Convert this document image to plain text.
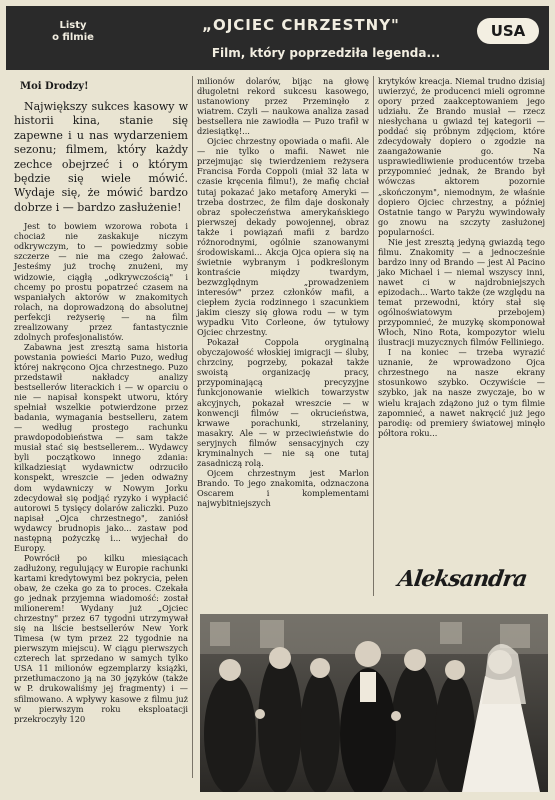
Listy
o filmie
„OJCIEC CHRZESTNY"
Film, który poprzedziła legenda...
USA

Moi Drodzy!

Największy sukces kasowy w historii kina, stanie się zapewne i u nas wydarzeniem sezonu; filmem, który każdy zechce obejrzeć i o którym będzie się wiele mówić. Wydaje się, że mówić bardzo dobrze i — bardzo zasłużenie!

Jest to bowiem wzorowa robota i chociaż nie zaskakuje niczym odkrywczym, to — powiedzmy sobie szczerze — nie ma czego żałować. Jesteśmy już trochę znużeni, my widzowie, ciągłą „odkrywczością" i chcemy po prostu popatrzeć czasem na wspaniałych aktorów w znakomitych rolach, na doprowadzoną do absolutnej perfekcji reżyserię — na film zrealizowany przez fantastycznie zdolnych profesjonalistów.

Zabawna jest zresztą sama historia powstania powieści Mario Puzo, według której nakręcono Ojca chrzestnego. Puzo przedstawił nakładcy analizy bestsellerów literackich i — w oparciu o nie — napisał konspekt utworu, który spełniał wszelkie potwierdzone przez badania, wymagania bestselleru, zatem — według prostego rachunku prawdopodobieństwa — sam także musiał stać się bestsellerem... Wydawcy byli początkowo innego zdania: kilkadziesiąt wydawnictw odrzuciło konspekt, wreszcie — jeden odważny dom wydawniczy w Nowym Jorku zdecydował się podjąć ryzyko i wypłacić autorowi 5 tysięcy dolarów zaliczki. Puzo napisał „Ojca chrzestnego", zaniósł wydawcy brudnopis jako... zastaw pod następną pożyczkę i... wyjechał do Europy.

Powrócił po kilku miesiącach zadłużony, regulujący w Europie rachunki kartami kredytowymi bez pokrycia, pełen obaw, że czeka go za to proces. Czekała go jednak przyjemna wiadomość: został milionerem! Wydany już „Ojciec chrzestny" przez 67 tygodni utrzymywał się na liście bestsellerów New York Timesa (w tym przez 22 tygodnie na pierwszym miejscu). W ciągu pierwszych czterech lat sprzedano w samych tylko USA 11 milionów egzemplarzy książki, przetłumaczono ją na 30 języków (także w P. drukowaliśmy jej fragmenty) i — sfilmowano. A wpływy kasowe z filmu już w pierwszym roku eksploatacji przekroczyły 120

milionów dolarów, bijąc na głowę długoletni rekord sukcesu kasowego, ustanowiony przez Przeminęło z wiatrem. Czyli — naukowa analiza zasad bestsellera nie zawiodła — Puzo trafił w dziesiątkę!...

Ojciec chrzestny opowiada o mafii. Ale — nie tylko o mafii. Nawet nie przejmując się twierdzeniem reżysera Francisa Forda Coppoli (miał 32 lata w czasie kręcenia filmu!), że mafię chciał tutaj pokazać jako metaforę Ameryki — trzeba dostrzec, że film daje doskonały obraz społeczeństwa amerykańskiego pierwszej dekady powojennej, obraz także i powiązań mafii z bardzo różnorodnymi, ogólnie szanowanymi środowiskami... Akcja Ojca opiera się na świetnie wybranym i podkreślonym kontraście między twardym, bezwzględnym „prowadzeniem interesów" przez członków mafii, a ciepłem życia rodzinnego i szacunkiem jakim cieszy się głowa rodu — w tym wypadku Vito Corleone, ów tytułowy Ojciec chrzestny.

Pokazał Coppola oryginalną obyczajowość włoskiej imigracji — śluby, chrzciny, pogrzeby, pokazał także swoistą organizację pracy, przypominającą precyzyjne funkcjonowanie wielkich towarzystw akcyjnych, pokazał wreszcie — w konwencji filmów — okrucieństwa, krwawe porachunki, strzelaniny, masakry. Ale — w przeciwieństwie do seryjnych filmów sensacyjnych czy kryminalnych — nie są one tutaj zasadniczą rolą.

Ojcem chrzestnym jest Marlon Brando. To jego znakomita, odznaczona Oscarem i komplementami najwybitniejszych

krytyków kreacja. Niemal trudno dzisiaj uwierzyć, że producenci mieli ogromne opory przed zaakceptowaniem jego udziału. Że Brando musiał — rzecz niesłychana u gwiazd tej kategorii — poddać się próbnym zdjęciom, które zdecydowały dopiero o zgodzie na zaangażowanie go. Na usprawiedliwienie producentów trzeba przypomnieć jednak, że Brando był wówczas aktorem pozornie „skończonym", niemodnym, że właśnie dopiero Ojciec chrzestny, a później Ostatnie tango w Paryżu wywindowały go znowu na szczyty zasłużonej popularności.

Nie jest zresztą jedyną gwiazdą tego filmu. Znakomity — a jednocześnie bardzo inny od Brando — jest Al Pacino jako Michael i — niemal wszyscy inni, nawet ci w najdrobniejszych epizodach... Warto także (ze względu na temat przewodni, który stał się ogólnoświatowym przebojem) przypomnieć, że muzykę skomponował Włoch, Nino Rota, kompozytor wielu ilustracji muzycznych filmów Felliniego.

I na koniec — trzeba wyrazić uznanie, że wprowadzono Ojca chrzestnego na nasze ekrany stosunkowo szybko. Oczywiście — szybko, jak na nasze zwyczaje, bo w wielu krajach zdążono już o tym filmie zapomnieć, a nawet nakręcić już jego parodię: od premiery światowej minęło półtora roku...

Aleksandra
